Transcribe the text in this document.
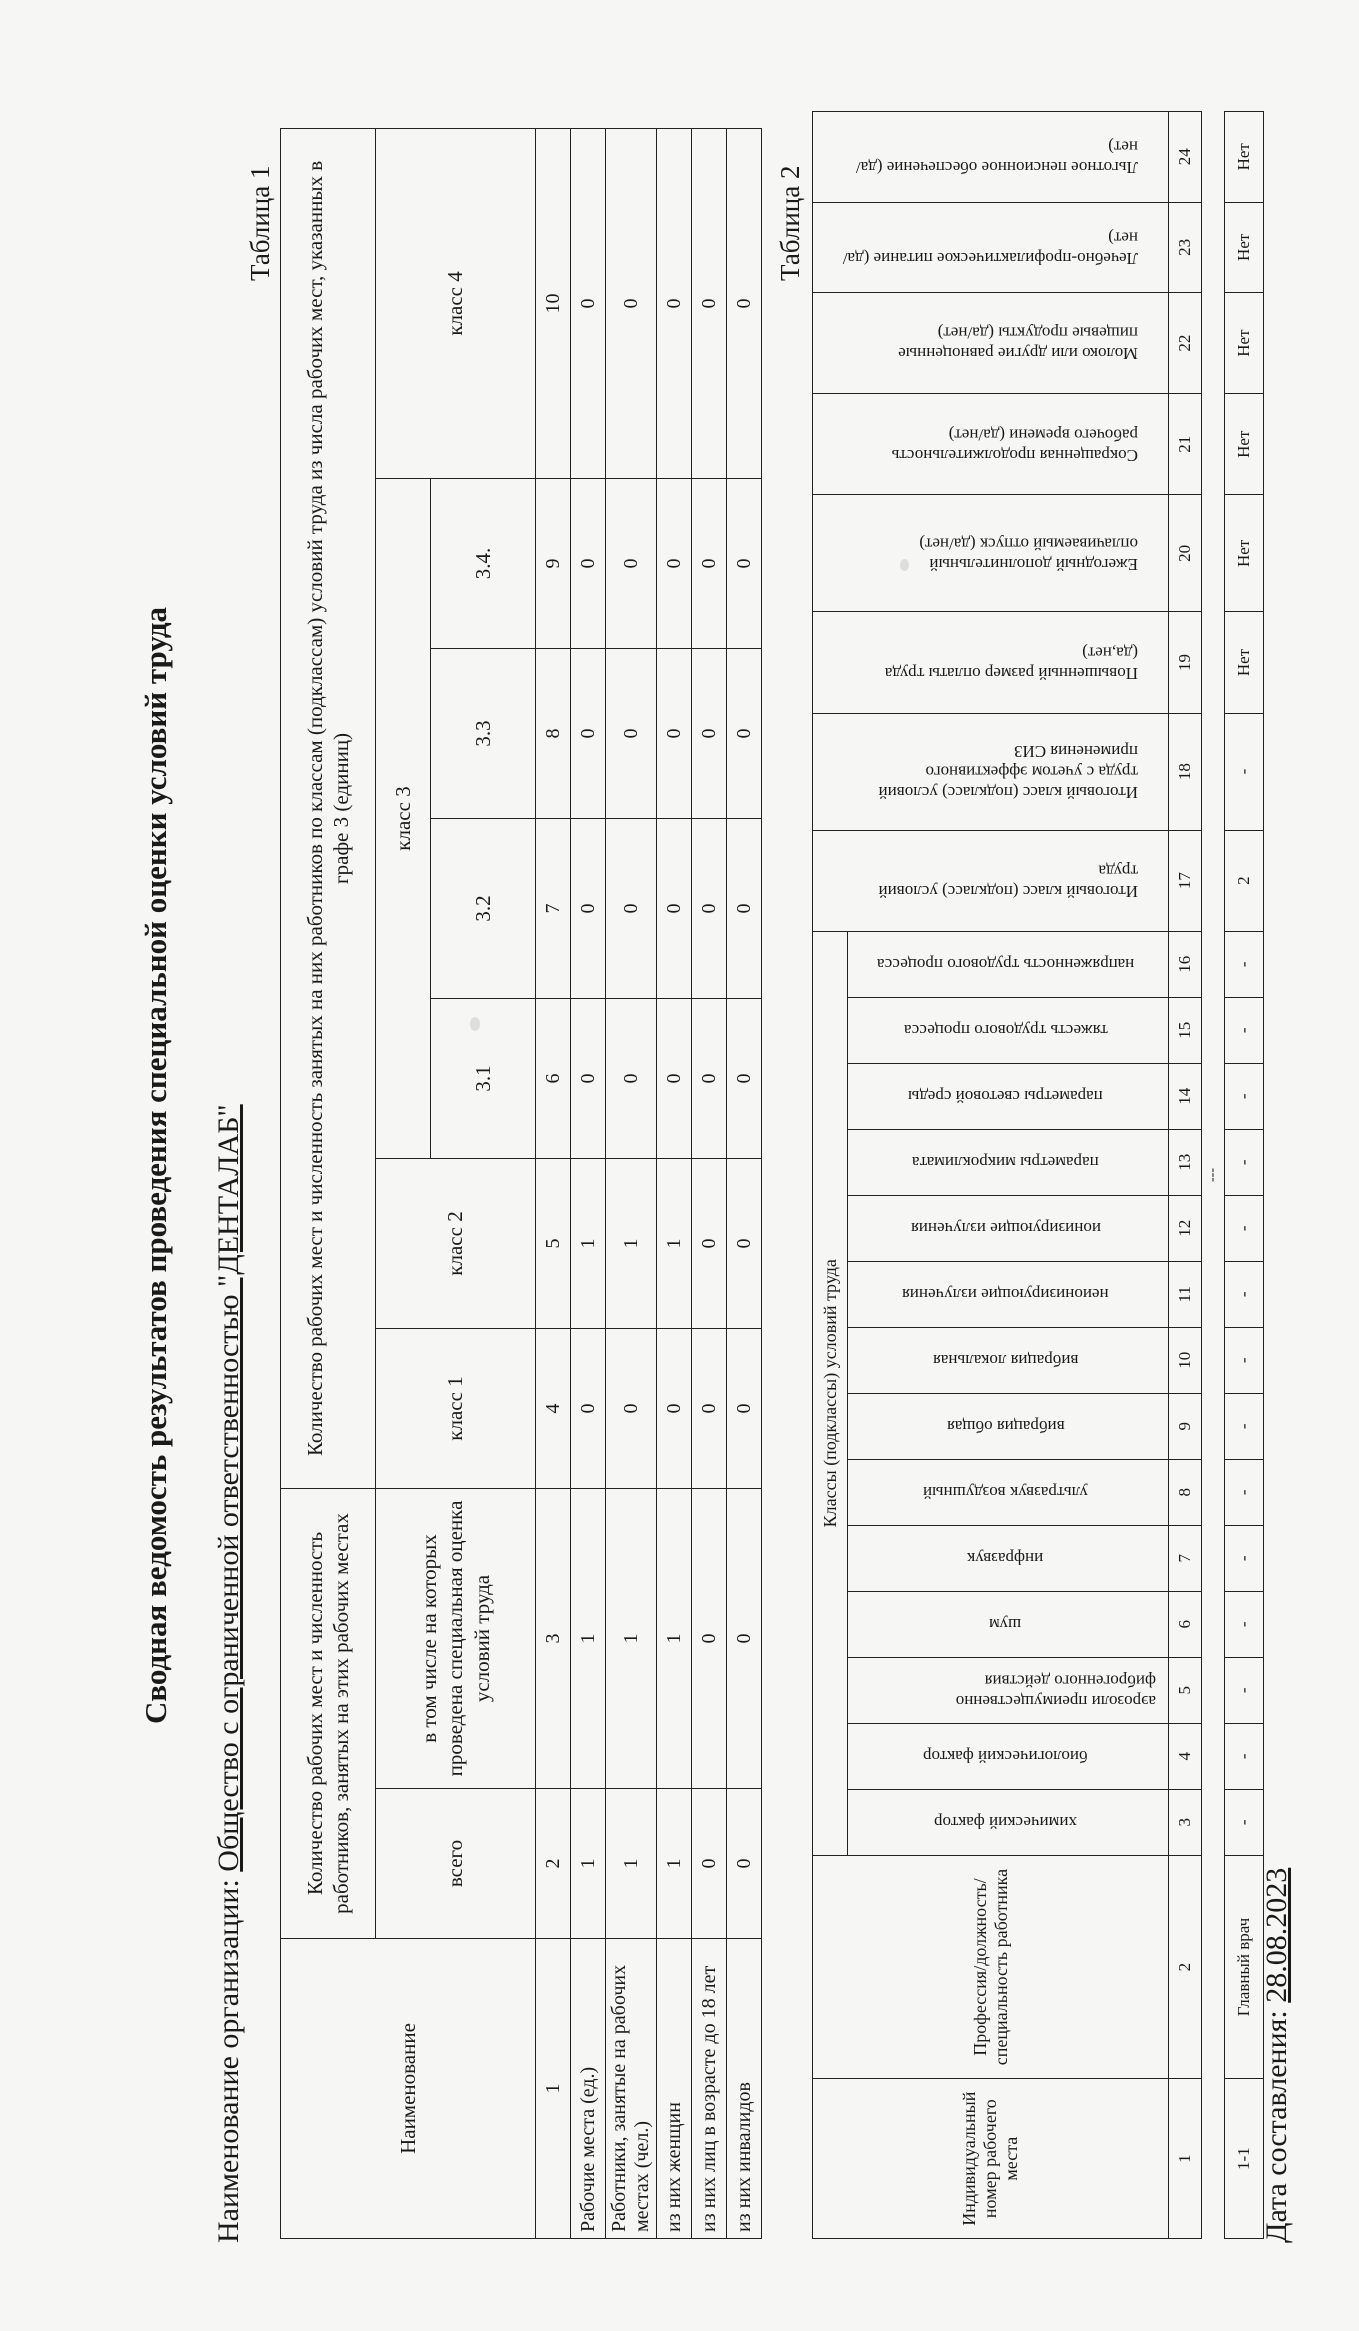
Сводная ведомость результатов проведения специальной оценки условий труда
Наименование организации: Общество с ограниченной ответственностью "ДЕНТАЛАБ"
Таблица 1
Наименование	Количество рабочих мест и численность работников, занятых на этих рабочих местах		Количество рабочих мест и численность занятых на них работников по классам (подклассам) условий труда из числа рабочих мест, указанных в графе 3 (единиц)						
	всего	в том числе на которых проведена специальная оценка условий труда	класс 1	класс 2	класс 3				класс 4
					3.1	3.2	3.3	3.4.	
1	2	3	4	5	6	7	8	9	10
Рабочие места (ед.)	1	1	0	1	0	0	0	0	0
Работники, занятые на рабочих местах (чел.)	1	1	0	1	0	0	0	0	0
из них женщин	1	1	0	1	0	0	0	0	0
из них лиц в возрасте до 18 лет	0	0	0	0	0	0	0	0	0
из них инвалидов	0	0	0	0	0	0	0	0	0
Таблица 2
Индивидуальный номер рабочего места	Профессия/должность/специальность работника	Классы (подклассы) условий труда														Итоговый класс (подкласс) условий труда	Итоговый класс (подкласс) условий труда с учетом эффективного применения СИЗ	Повышенный размер оплаты труда (да,нет)	Ежегодный дополнительный оплачиваемый отпуск (да/нет)	Сокращенная продолжительность рабочего времени (да/нет)	Молоко или другие равноценные пищевые продукты (да/нет)	Лечебно-профилактическое питание (да/нет)	Льготное пенсионное обеспечение (да/нет)
		химический фактор	биологический фактор	аэрозоли преимущественно фиброгенного действия	шум	инфразвук	ультразвук воздушный	вибрация общая	вибрация локальная	неионизирующие излучения	ионизирующие излучения	параметры микроклимата	параметры световой среды	тяжесть трудового процесса	напряженность трудового процесса								
1	2	3	4	5	6	7	8	9	10	11	12	13	14	15	16	17	18	19	20	21	22	23	24
---																							
1-1	Главный врач	-	-	-	-	-	-	-	-	-	-	-	-	-	-	2	-	Нет	Нет	Нет	Нет	Нет	Нет
Дата составления: 28.08.2023
